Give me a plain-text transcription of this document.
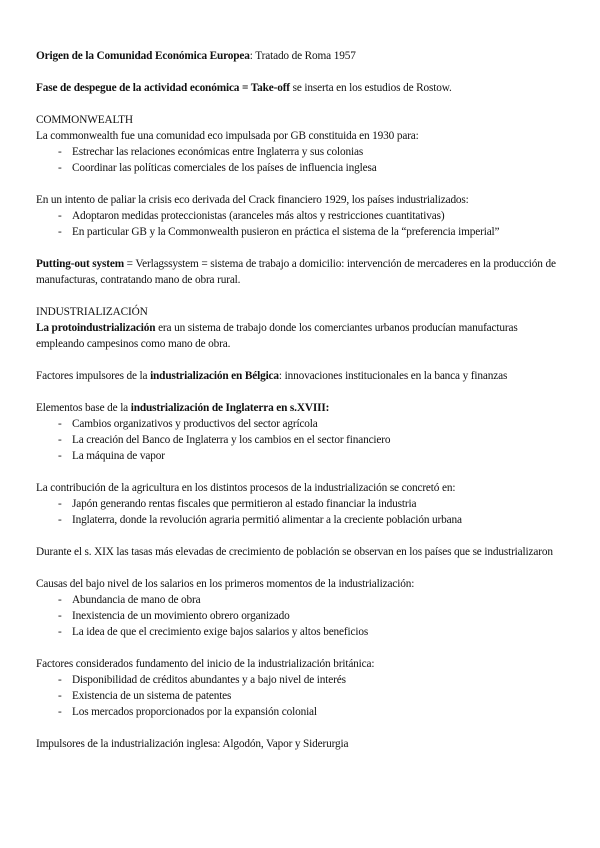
Origen de la Comunidad Económica Europea: Tratado de Roma 1957

Fase de despegue de la actividad económica = Take-off se inserta en los estudios de Rostow.

COMMONWEALTH

La commonwealth fue una comunidad eco impulsada por GB constituida en 1930 para:

- Estrechar las relaciones económicas entre Inglaterra y sus colonias
- Coordinar las políticas comerciales de los países de influencia inglesa

En un intento de paliar la crisis eco derivada del Crack financiero 1929, los países industrializados:

- Adoptaron medidas proteccionistas (aranceles más altos y restricciones cuantitativas)
- En particular GB y la Commonwealth pusieron en práctica el sistema de la “preferencia imperial”

Putting-out system = Verlagssystem = sistema de trabajo a domicilio: intervención de mercaderes en la producción de manufacturas, contratando mano de obra rural.

INDUSTRIALIZACIÓN

La protoindustrialización era un sistema de trabajo donde los comerciantes urbanos producían manufacturas empleando campesinos como mano de obra.

Factores impulsores de la industrialización en Bélgica: innovaciones institucionales en la banca y finanzas

Elementos base de la industrialización de Inglaterra en s.XVIII:

- Cambios organizativos y productivos del sector agrícola
- La creación del Banco de Inglaterra y los cambios en el sector financiero
- La máquina de vapor

La contribución de la agricultura en los distintos procesos de la industrialización se concretó en:

- Japón generando rentas fiscales que permitieron al estado financiar la industria
- Inglaterra, donde la revolución agraria permitió alimentar a la creciente población urbana

Durante el s. XIX las tasas más elevadas de crecimiento de población se observan en los países que se industrializaron

Causas del bajo nivel de los salarios en los primeros momentos de la industrialización:

- Abundancia de mano de obra
- Inexistencia de un movimiento obrero organizado
- La idea de que el crecimiento exige bajos salarios y altos beneficios

Factores considerados fundamento del inicio de la industrialización británica:

- Disponibilidad de créditos abundantes y a bajo nivel de interés
- Existencia de un sistema de patentes
- Los mercados proporcionados por la expansión colonial

Impulsores de la industrialización inglesa: Algodón, Vapor y Siderurgia
